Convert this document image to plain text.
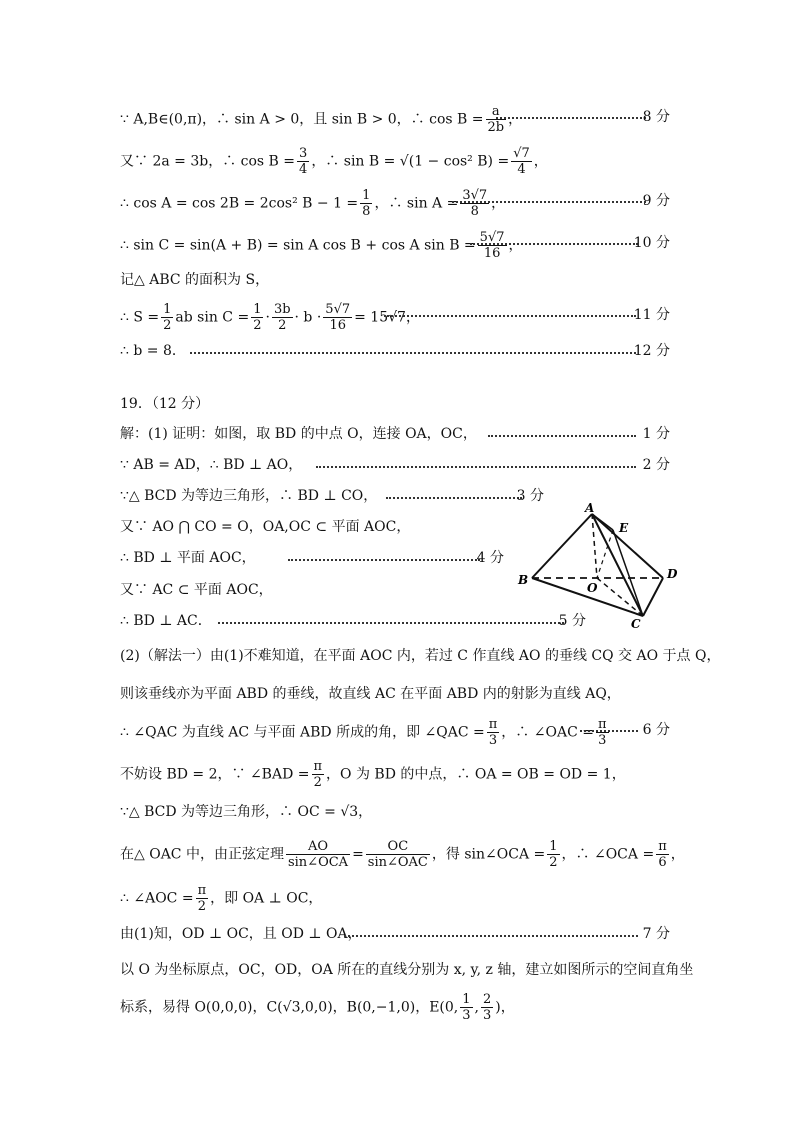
∵ A,B∈(0,π)，∴ sin A > 0，且 sin B > 0，∴ $\cos B = \frac{a}{2b}$ ，	8 分
又∵ 2a = 3b，∴ $\cos B = \frac{3}{4}$ ，∴ sin B = √(1 − cos² $B) = \frac{√7}{4}$ ，
∴ cos A = cos 2B = 2cos² $B - 1 = \frac{1}{8}$ ，∴ $\sin A = \frac{3√7}{8}$ ，	9 分
∴ sin C = sin(A + B) = sin A cos B + cos A $\sin B = \frac{5√7}{16}$ ，	10 分
记△ ABC 的面积为 S，
∴ $S = \frac{1}{2}$ ab $\sin C = \frac{1}{2} \cdot \frac{3b}{2} \cdot b \cdot \frac{5√7}{16} = 15√7$，	11 分
∴ b = 8．	12 分
19．（12 分）
解：(1) 证明：如图，取 BD 的中点 O，连接 OA，OC，	1 分
∵ AB = AD，∴ BD ⊥ AO，	2 分
∵△ BCD 为等边三角形，∴ BD ⊥ CO，	3 分
又∵ AO ⋂ CO = O，OA,OC ⊂ 平面 AOC，
∴ BD ⊥ 平面 AOC，	4 分
又∵ AC ⊂ 平面 AOC，
∴ BD ⊥ AC．	5 分
A
E
B	D
O
C
(2)（解法一）由(1)不难知道，在平面 AOC 内，若过 C 作直线 AO 的垂线 CQ 交 AO 于点 Q，
则该垂线亦为平面 ABD 的垂线，故直线 AC 在平面 ABD 内的射影为直线 AQ，
∴ ∠QAC 为直线 AC 与平面 ABD 所成的角，即 ∠QAC = $\frac{\pi}{3}$ ，∴ ∠OAC = $\frac{\pi}{3} 6$ 分
不妨设 BD = 2，∵ ∠BAD = $\frac{\pi}{2}$ ，O 为 BD 的中点，∴ OA = OB = OD = 1，
∵△ BCD 为等边三角形，∴ OC = √3，
在△ OAC 中，由正弦定理 $\frac{AO}{\text{sin∠OCA}} = \frac{OC}{\text{sin∠OAC}}$ ，得 sin∠OCA = $\frac{1}{2}$ ，∴ ∠OCA = $\frac{\pi}{6}$ ，
∴ ∠AOC = $\frac{\pi}{2}$ ，即 OA ⊥ OC，
由(1)知，OD ⊥ OC，且 OD ⊥ OA，	7 分
以 O 为坐标原点，OC，OD，OA 所在的直线分别为 x, y, z 轴，建立如图所示的空间直角坐
标系，易得 O(0,0,0)，C(√3,0,0)，B(0,−1,0)，E(0, $\frac{1}{3}$ , $\frac{2}{3}$ )，
